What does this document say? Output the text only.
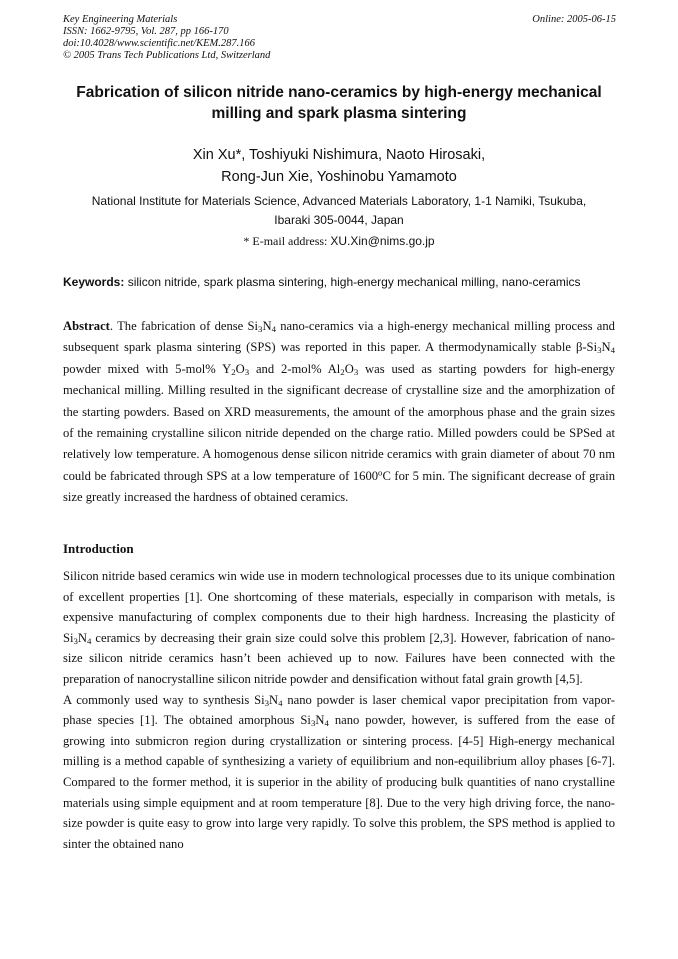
Key Engineering Materials
ISSN: 1662-9795, Vol. 287, pp 166-170
doi:10.4028/www.scientific.net/KEM.287.166
© 2005 Trans Tech Publications Ltd, Switzerland
Online: 2005-06-15
Fabrication of silicon nitride nano-ceramics by high-energy mechanical
milling and spark plasma sintering
Xin Xu*, Toshiyuki Nishimura, Naoto Hirosaki,
Rong-Jun Xie, Yoshinobu Yamamoto
National Institute for Materials Science, Advanced Materials Laboratory, 1-1 Namiki, Tsukuba,
Ibaraki 305-0044, Japan
* E-mail address: XU.Xin@nims.go.jp
Keywords: silicon nitride, spark plasma sintering, high-energy mechanical milling, nano-ceramics
Abstract. The fabrication of dense $Si_3N_4$ nano-ceramics via a high-energy mechanical milling process and subsequent spark plasma sintering (SPS) was reported in this paper. A thermodynamically stable $\beta-Si_3N_4$ powder mixed with 5-mol% $Y_2O_3$ and 2-mol% $Al_2O_3$ was used as starting powders for high-energy mechanical milling. Milling resulted in the significant decrease of crystalline size and the amorphization of the starting powders. Based on XRD measurements, the amount of the amorphous phase and the grain sizes of the remaining crystalline silicon nitride depended on the charge ratio. Milled powders could be SPSed at relatively low temperature. A homogenous dense silicon nitride ceramics with grain diameter of about 70 nm could be fabricated through SPS at a low temperature of 1600$^o$C for 5 min. The significant decrease of grain size greatly increased the hardness of obtained ceramics.
Introduction

Silicon nitride based ceramics win wide use in modern technological processes due to its unique combination of excellent properties [1]. One shortcoming of these materials, especially in comparison with metals, is expensive manufacturing of complex components due to their high hardness. Increasing the plasticity of $Si_3N_4$ ceramics by decreasing their grain size could solve this problem [2,3]. However, fabrication of nano-size silicon nitride ceramics hasn’t been achieved up to now. Failures have been connected with the preparation of nanocrystalline silicon nitride powder and densification without fatal grain growth [4,5].

A commonly used way to synthesis $Si_3N_4$ nano powder is laser chemical vapor precipitation from vapor-phase species [1]. The obtained amorphous $Si_3N_4$ nano powder, however, is suffered from the ease of growing into submicron region during crystallization or sintering process. [4-5] High-energy mechanical milling is a method capable of synthesizing a variety of equilibrium and non-equilibrium alloy phases [6-7]. Compared to the former method, it is superior in the ability of producing bulk quantities of nano crystalline materials using simple equipment and at room temperature [8]. Due to the very high driving force, the nano-size powder is quite easy to grow into large very rapidly. To solve this problem, the SPS method is applied to sinter the obtained nano
